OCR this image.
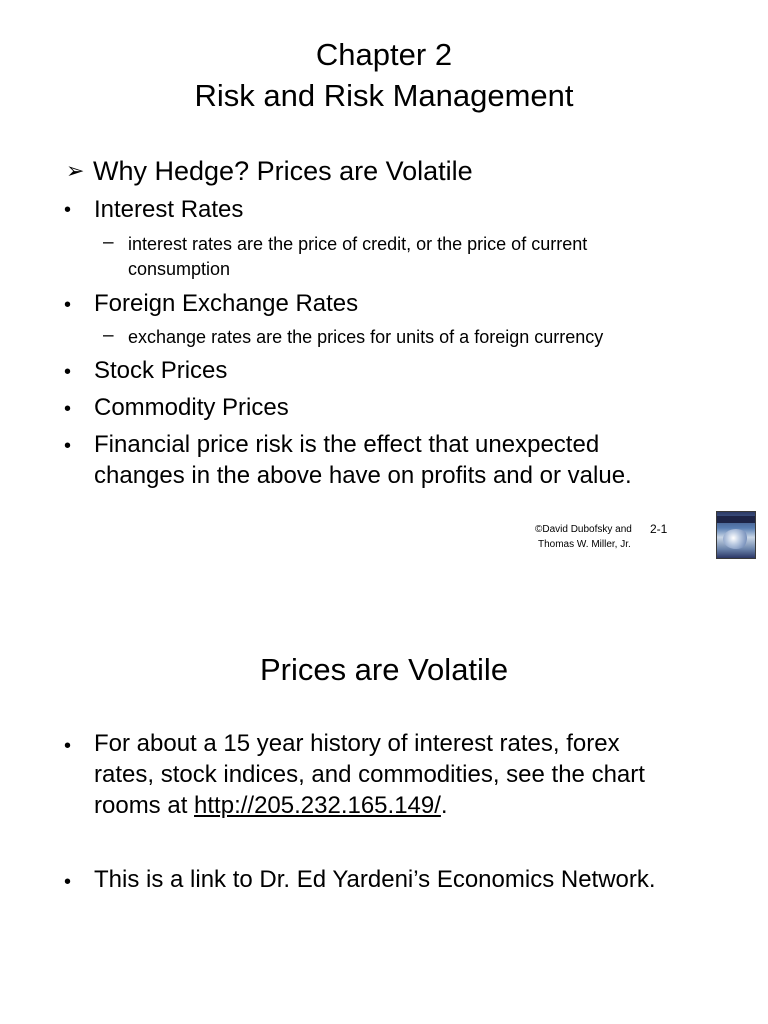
Chapter 2
Risk and Risk Management
➢ Why Hedge? Prices are Volatile
• Interest Rates
– interest rates are the price of credit, or the price of current
consumption
• Foreign Exchange Rates
– exchange rates are the prices for units of a foreign currency
• Stock Prices
• Commodity Prices
• Financial price risk is the effect that unexpected
changes in the above have on profits and or value.
©David Dubofsky and
Thomas W. Miller, Jr.
2-1
Prices are Volatile
• For about a 15 year history of interest rates, forex
rates, stock indices, and commodities, see the chart
rooms at http://205.232.165.149/.
• This is a link to Dr. Ed Yardeni’s Economics Network.
